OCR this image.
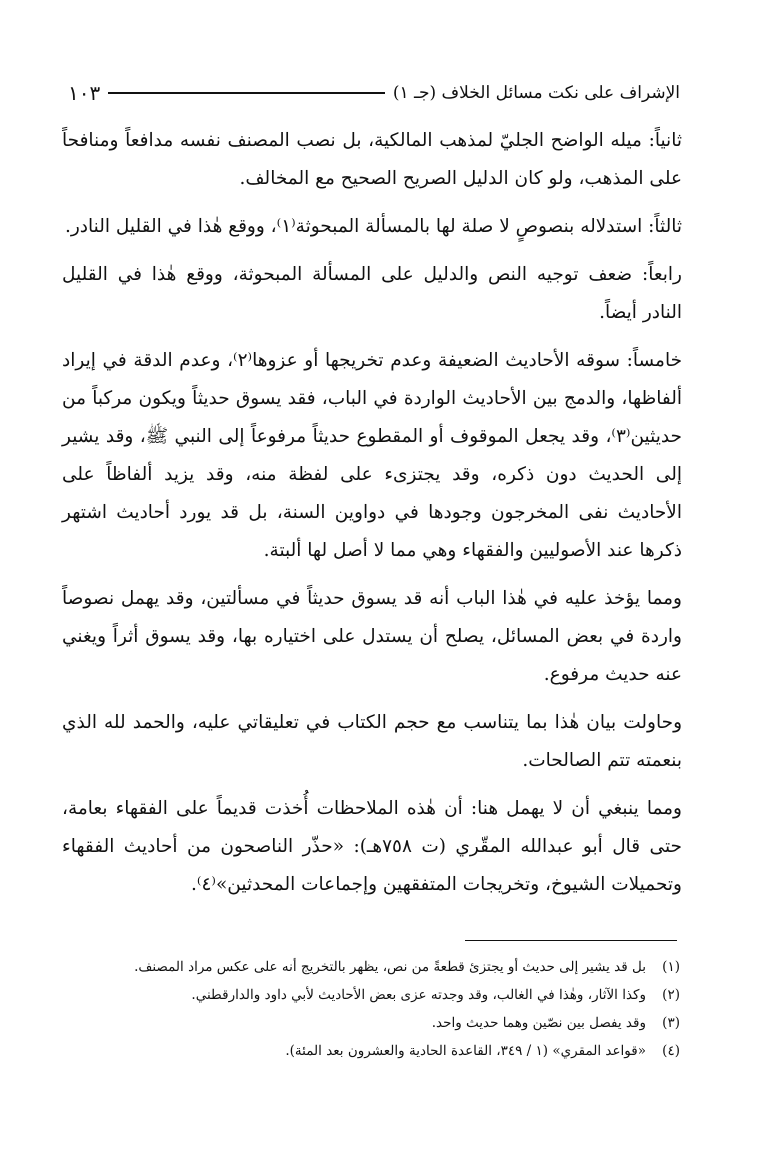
الإشراف على نكت مسائل الخلاف (جـ ١)
١٠٣

ثانياً: ميله الواضح الجليّ لمذهب المالكية، بل نصب المصنف نفسه مدافعاً ومنافحاً على المذهب، ولو كان الدليل الصريح الصحيح مع المخالف.

ثالثاً: استدلاله بنصوصٍ لا صلة لها بالمسألة المبحوثة⁽١⁾، ووقع هٰذا في القليل النادر.

رابعاً: ضعف توجيه النص والدليل على المسألة المبحوثة، ووقع هٰذا في القليل النادر أيضاً.

خامساً: سوقه الأحاديث الضعيفة وعدم تخريجها أو عزوها⁽٢⁾، وعدم الدقة في إيراد ألفاظها، والدمج بين الأحاديث الواردة في الباب، فقد يسوق حديثاً ويكون مركباً من حديثين⁽٣⁾، وقد يجعل الموقوف أو المقطوع حديثاً مرفوعاً إلى النبي ﷺ، وقد يشير إلى الحديث دون ذكره، وقد يجتزىء على لفظة منه، وقد يزيد ألفاظاً على الأحاديث نفى المخرجون وجودها في دواوين السنة، بل قد يورد أحاديث اشتهر ذكرها عند الأصوليين والفقهاء وهي مما لا أصل لها ألبتة.

ومما يؤخذ عليه في هٰذا الباب أنه قد يسوق حديثاً في مسألتين، وقد يهمل نصوصاً واردة في بعض المسائل، يصلح أن يستدل على اختياره بها، وقد يسوق أثراً ويغني عنه حديث مرفوع.

وحاولت بيان هٰذا بما يتناسب مع حجم الكتاب في تعليقاتي عليه، والحمد لله الذي بنعمته تتم الصالحات.

ومما ينبغي أن لا يهمل هنا: أن هٰذه الملاحظات أُخذت قديماً على الفقهاء بعامة، حتى قال أبو عبدالله المقّري (ت ٧٥٨هـ): «حذّر الناصحون من أحاديث الفقهاء وتحميلات الشيوخ، وتخريجات المتفقهين وإجماعات المحدثين»⁽٤⁾.

(١)
بل قد يشير إلى حديث أو يجتزئ قطعةً من نص، يظهر بالتخريج أنه على عكس مراد المصنف.
(٢)
وكذا الآثار، وهٰذا في الغالب، وقد وجدته عزى بعض الأحاديث لأبي داود والدارقطني.
(٣)
وقد يفصل بين نصّين وهما حديث واحد.
(٤)
«قواعد المقري» (١ / ٣٤٩، القاعدة الحادية والعشرون بعد المئة).
